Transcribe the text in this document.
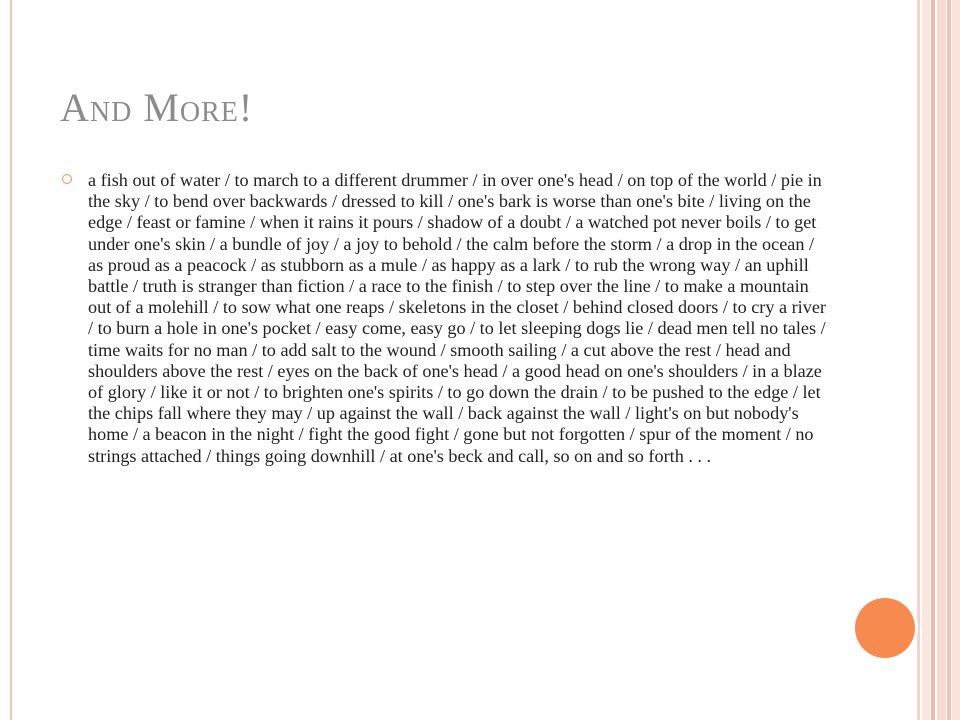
And More!

a fish out of water / to march to a different drummer / in over one's head / on top of the world / pie in the sky / to bend over backwards / dressed to kill / one's bark is worse than one's bite / living on the edge / feast or famine / when it rains it pours / shadow of a doubt / a watched pot never boils / to get under one's skin / a bundle of joy / a joy to behold / the calm before the storm / a drop in the ocean / as proud as a peacock / as stubborn as a mule / as happy as a lark / to rub the wrong way / an uphill battle / truth is stranger than fiction / a race to the finish / to step over the line / to make a mountain out of a molehill / to sow what one reaps / skeletons in the closet / behind closed doors / to cry a river / to burn a hole in one's pocket / easy come, easy go / to let sleeping dogs lie / dead men tell no tales / time waits for no man / to add salt to the wound / smooth sailing / a cut above the rest / head and shoulders above the rest / eyes on the back of one's head / a good head on one's shoulders / in a blaze of glory / like it or not / to brighten one's spirits / to go down the drain / to be pushed to the edge / let the chips fall where they may / up against the wall / back against the wall / light's on but nobody's home / a beacon in the night / fight the good fight / gone but not forgotten / spur of the moment / no strings attached / things going downhill / at one's beck and call, so on and so forth . . .
